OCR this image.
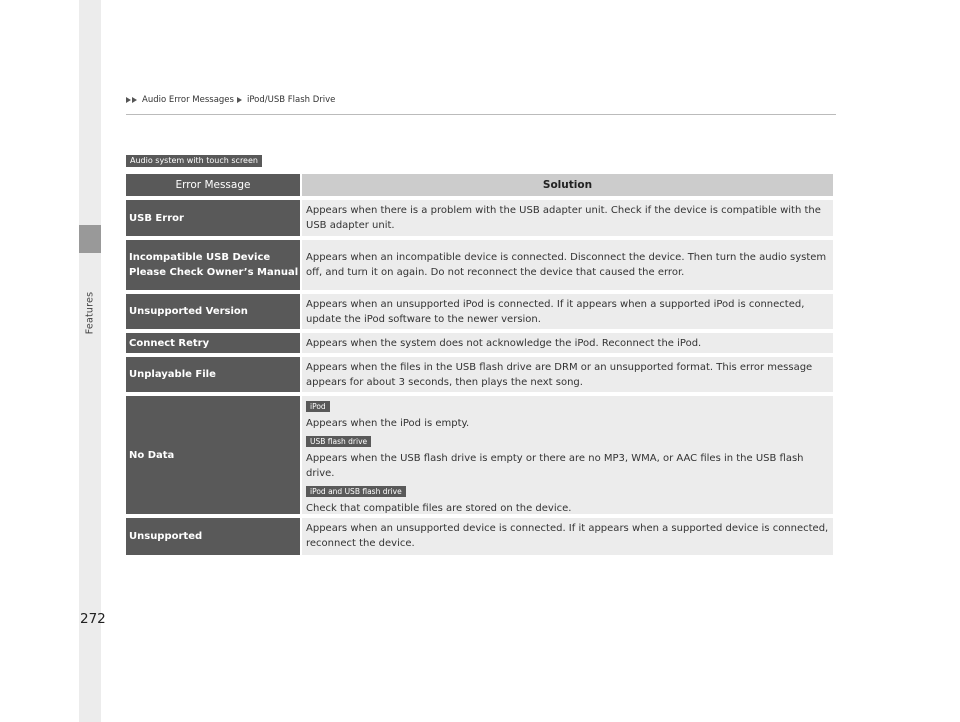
Features
Audio Error Messages iPod/USB Flash Drive
Audio system with touch screen
Error Message	Solution
USB Error
Appears when there is a problem with the USB adapter unit. Check if the device is compatible with the USB adapter unit.
Incompatible USB Device Please Check Owner’s Manual
Appears when an incompatible device is connected. Disconnect the device. Then turn the audio system off, and turn it on again. Do not reconnect the device that caused the error.
Unsupported Version
Appears when an unsupported iPod is connected. If it appears when a supported iPod is connected, update the iPod software to the newer version.
Connect Retry	Appears when the system does not acknowledge the iPod. Reconnect the iPod.
Unplayable File
Appears when the files in the USB flash drive are DRM or an unsupported format. This error message appears for about 3 seconds, then plays the next song.
No Data
iPod
Appears when the iPod is empty.
USB flash drive
Appears when the USB flash drive is empty or there are no MP3, WMA, or AAC files in the USB flash drive.
iPod and USB flash drive
Check that compatible files are stored on the device.
Unsupported
Appears when an unsupported device is connected. If it appears when a supported device is connected, reconnect the device.
272
